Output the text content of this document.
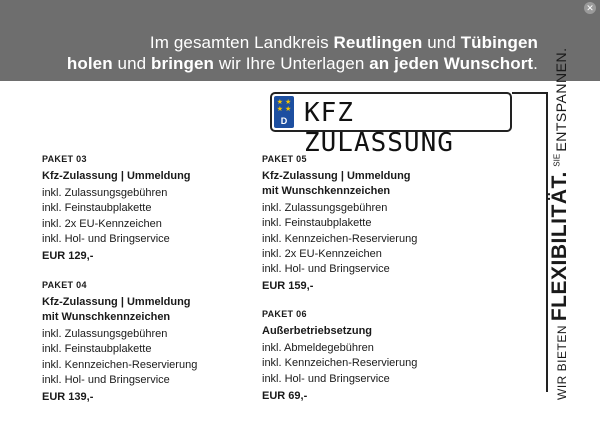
Im gesamten Landkreis Reutlingen und Tübingen
holen und bringen wir Ihre Unterlagen an jeden Wunschort.
✕
★ ★
★ ★
D KFZ ZULASSUNG
PAKET 03
Kfz-Zulassung | Ummeldung
inkl. Zulassungsgebühren
inkl. Feinstaubplakette
inkl. 2x EU-Kennzeichen
inkl. Hol- und Bringservice
EUR 129,-
PAKET 04
Kfz-Zulassung | Ummeldung
mit Wunschkennzeichen
inkl. Zulassungsgebühren
inkl. Feinstaubplakette
inkl. Kennzeichen-Reservierung
inkl. Hol- und Bringservice
EUR 139,-
PAKET 05
Kfz-Zulassung | Ummeldung
mit Wunschkennzeichen
inkl. Zulassungsgebühren
inkl. Feinstaubplakette
inkl. Kennzeichen-Reservierung
inkl. 2x EU-Kennzeichen
inkl. Hol- und Bringservice
EUR 159,-
PAKET 06
Außerbetriebsetzung
inkl. Abmeldegebühren
inkl. Kennzeichen-Reservierung
inkl. Hol- und Bringservice
EUR 69,-	WIR BIETEN FLEXIBILITÄT. $^{SIE}$ ENTSPANNEN.
